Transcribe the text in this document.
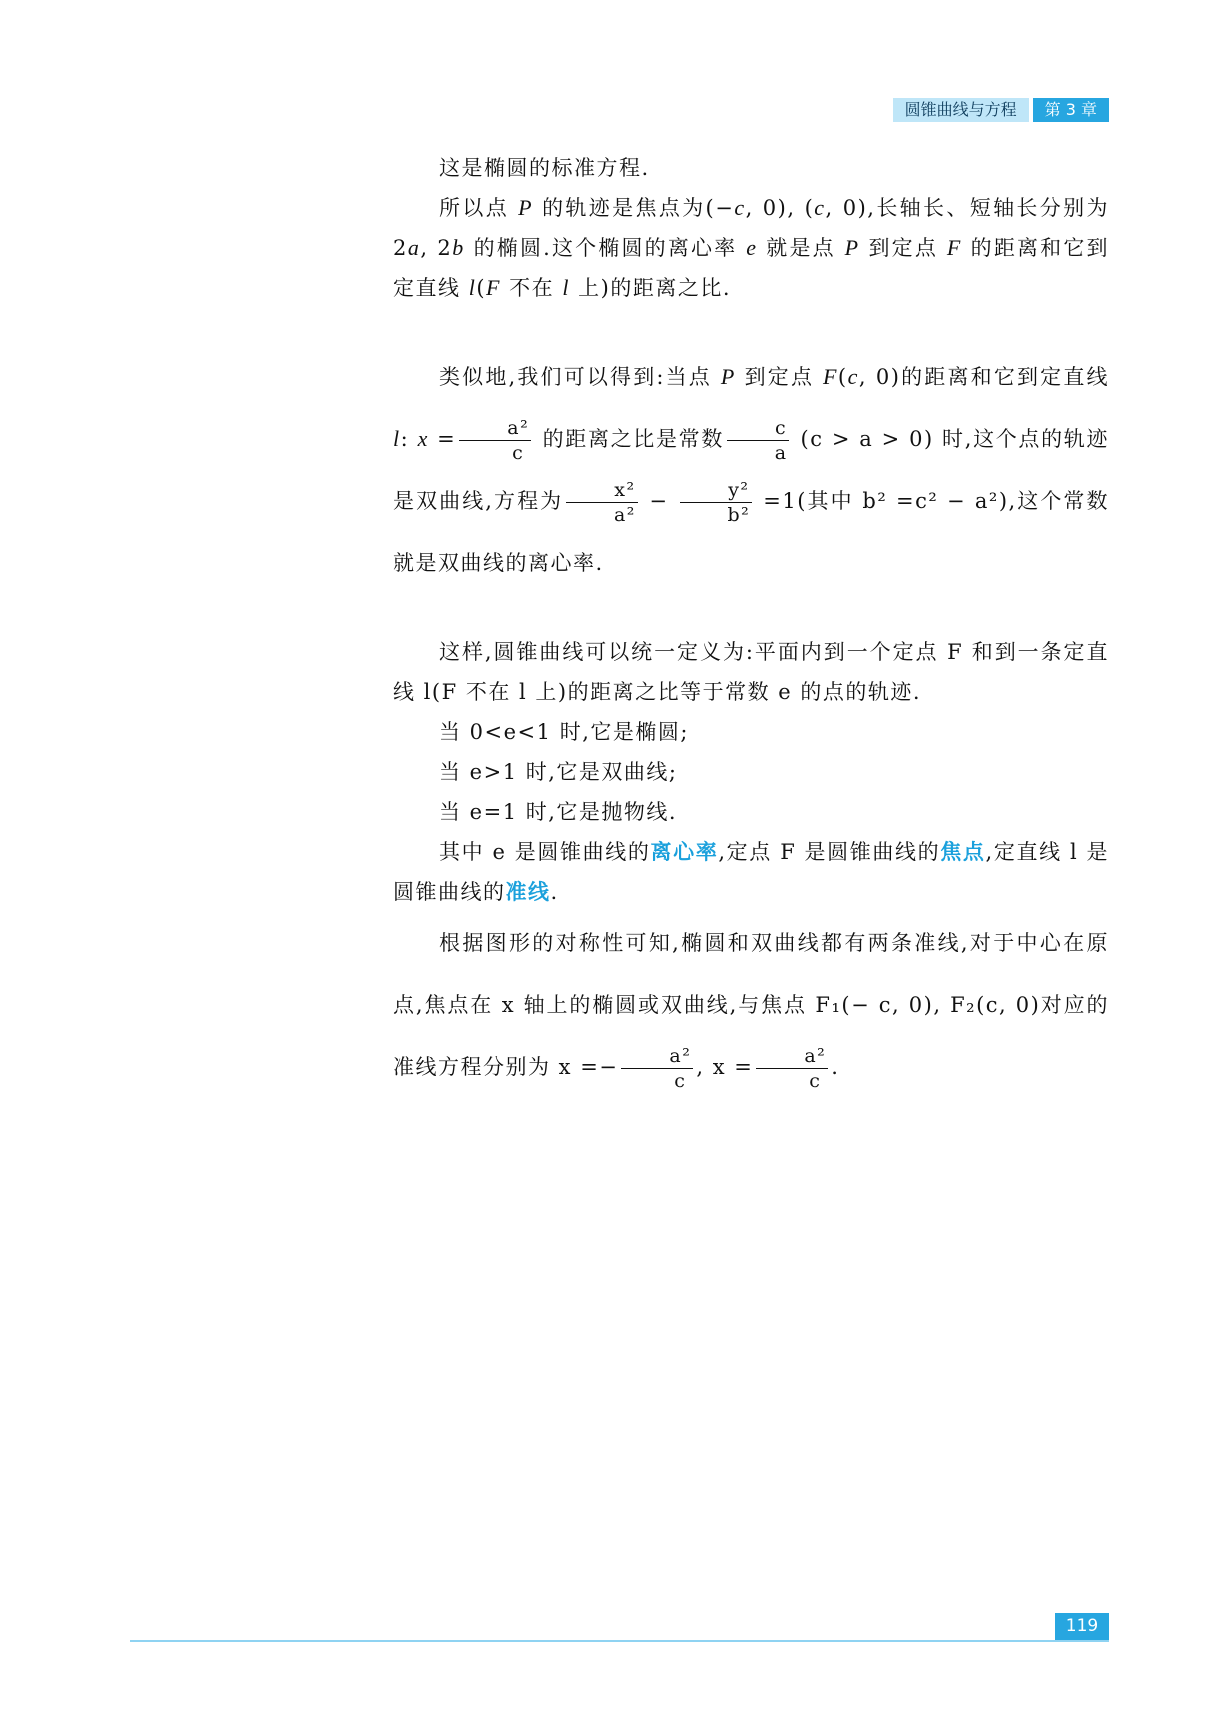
圆锥曲线与方程	第 3 章

这是椭圆的标准方程.

所以点 P 的轨迹是焦点为(−c, 0), (c, 0),长轴长、短轴长分别为 2a, 2b 的椭圆.这个椭圆的离心率 e 就是点 P 到定点 F 的距离和它到定直线 l(F 不在 l 上)的距离之比.

类似地,我们可以得到:当点 P 到定点 F(c, 0)的距离和它到定直线 l: $x = \frac{\text{a²}}{c}$ 的距离之比是常数 $\frac{c}{a} (c > a > 0)$ 时,这个点的轨迹是双曲线,方程为 $\frac{\text{x²}}{\text{a²}} - \frac{\text{y²}}{\text{b²}} =1$(其中 b² =c² − a²),这个常数就是双曲线的离心率.

这样,圆锥曲线可以统一定义为:平面内到一个定点 F 和到一条定直线 l(F 不在 l 上)的距离之比等于常数 e 的点的轨迹.

当 0<e<1 时,它是椭圆;

当 e>1 时,它是双曲线;

当 e=1 时,它是抛物线.

其中 e 是圆锥曲线的离心率,定点 F 是圆锥曲线的焦点,定直线 l 是圆锥曲线的准线.

根据图形的对称性可知,椭圆和双曲线都有两条准线,对于中心在原点,焦点在 x 轴上的椭圆或双曲线,与焦点 F₁(− c, 0), F₂(c, 0)对应的准线方程分别为 $x =- \frac{\text{a²}}{c}$ , $x = \frac{\text{a²}}{c}$ .

119
